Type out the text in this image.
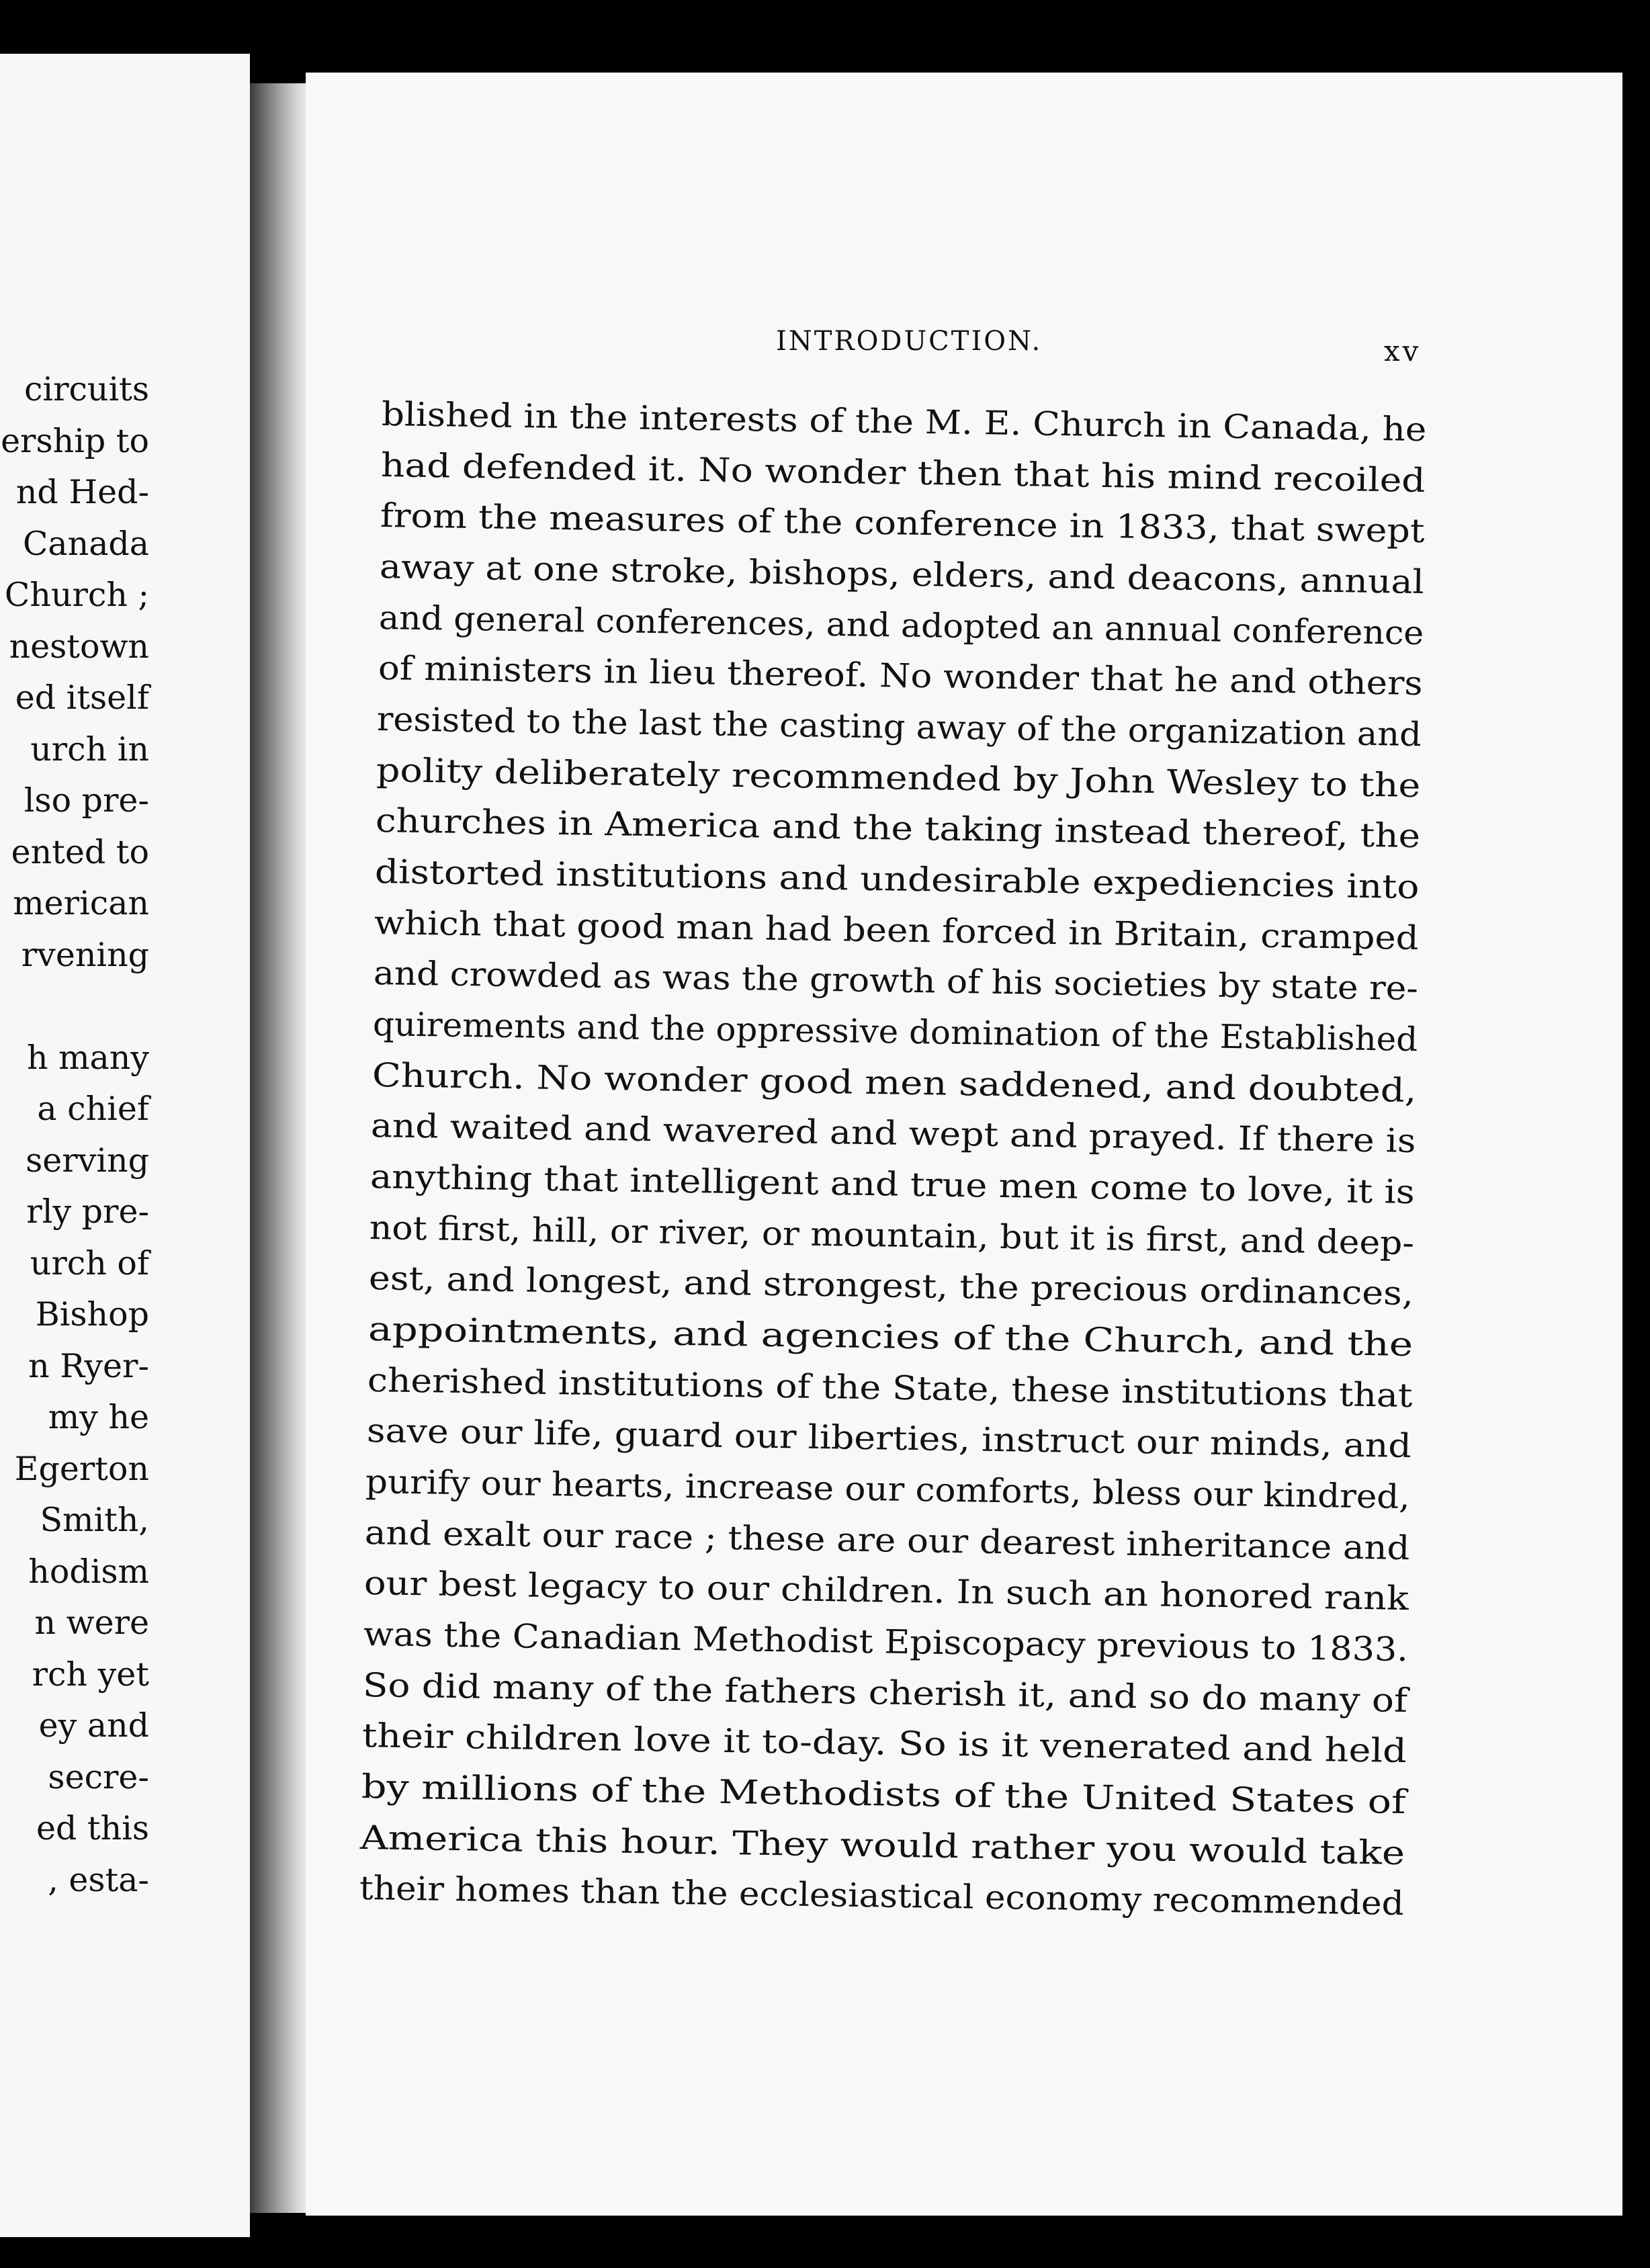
circuits
ership to
nd Hed-
Canada
Church ;
nestown
ed itself
urch in
lso pre-
ented to
merican
rvening
h many
a chief
serving
rly pre-
urch of
Bishop
n Ryer-
my he
Egerton
Smith,
hodism
n were
rch yet
ey and
secre-
ed this
, esta-
INTRODUCTION.	xv
blished in the interests of the M. E. Church in Canada, he
had defended it. No wonder then that his mind recoiled
from the measures of the conference in 1833, that swept
away at one stroke, bishops, elders, and deacons, annual
and general conferences, and adopted an annual conference
of ministers in lieu thereof. No wonder that he and others
resisted to the last the casting away of the organization and
polity deliberately recommended by John Wesley to the
churches in America and the taking instead thereof, the
distorted institutions and undesirable expediencies into
which that good man had been forced in Britain, cramped
and crowded as was the growth of his societies by state re-
quirements and the oppressive domination of the Established
Church. No wonder good men saddened, and doubted,
and waited and wavered and wept and prayed. If there is
anything that intelligent and true men come to love, it is
not first, hill, or river, or mountain, but it is first, and deep-
est, and longest, and strongest, the precious ordinances,
appointments, and agencies of the Church, and the
cherished institutions of the State, these institutions that
save our life, guard our liberties, instruct our minds, and
purify our hearts, increase our comforts, bless our kindred,
and exalt our race ; these are our dearest inheritance and
our best legacy to our children. In such an honored rank
was the Canadian Methodist Episcopacy previous to 1833.
So did many of the fathers cherish it, and so do many of
their children love it to-day. So is it venerated and held
by millions of the Methodists of the United States of
America this hour. They would rather you would take
their homes than the ecclesiastical economy recommended
